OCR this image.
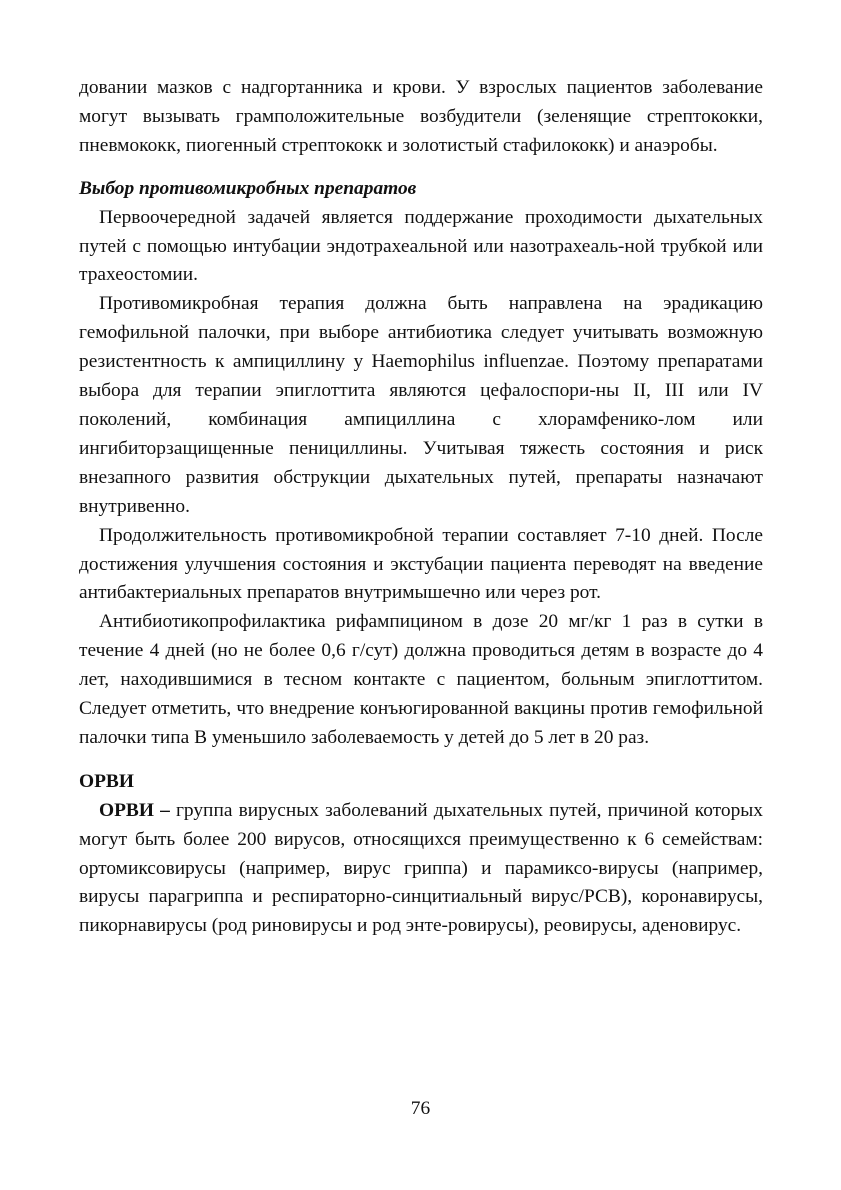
довании мазков с надгортанника и крови. У взрослых пациентов заболевание могут вызывать грамположительные возбудители (зеленящие стрептококки, пневмококк, пиогенный стрептококк и золотистый стафилококк) и анаэробы.

Выбор противомикробных препаратов

Первоочередной задачей является поддержание проходимости дыхательных путей с помощью интубации эндотрахеальной или назотрахеаль-ной трубкой или трахеостомии.

Противомикробная терапия должна быть направлена на эрадикацию гемофильной палочки, при выборе антибиотика следует учитывать возможную резистентность к ампициллину у Haemophilus influenzae. Поэтому препаратами выбора для терапии эпиглоттита являются цефалоспори-ны II, III или IV поколений, комбинация ампициллина с хлорамфенико-лом или ингибиторзащищенные пенициллины. Учитывая тяжесть состояния и риск внезапного развития обструкции дыхательных путей, препараты назначают внутривенно.

Продолжительность противомикробной терапии составляет 7-10 дней. После достижения улучшения состояния и экстубации пациента переводят на введение антибактериальных препаратов внутримышечно или через рот.

Антибиотикопрофилактика рифампицином в дозе 20 мг/кг 1 раз в сутки в течение 4 дней (но не более 0,6 г/сут) должна проводиться детям в возрасте до 4 лет, находившимися в тесном контакте с пациентом, больным эпиглоттитом. Следует отметить, что внедрение конъюгированной вакцины против гемофильной палочки типа В уменьшило заболеваемость у детей до 5 лет в 20 раз.

ОРВИ

ОРВИ – группа вирусных заболеваний дыхательных путей, причиной которых могут быть более 200 вирусов, относящихся преимущественно к 6 семействам: ортомиксовирусы (например, вирус гриппа) и парамиксо-вирусы (например, вирусы парагриппа и респираторно-синцитиальный вирус/РСВ), коронавирусы, пикорнавирусы (род риновирусы и род энте-ровирусы), реовирусы, аденовирус.

76
